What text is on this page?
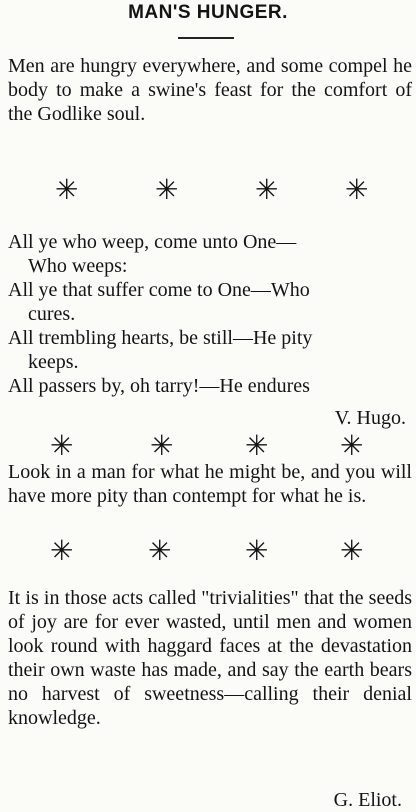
MAN'S HUNGER.
Men are hungry everywhere, and some compel he body to make a swine's feast for the comfort of the Godlike soul.
✳	✳	✳ ✳
All ye who weep, come unto One—
Who weeps:
All ye that suffer come to One—Who
cures.
All trembling hearts, be still—He pity
keeps.
All passers by, oh tarry!—He endures
V. Hugo.
✳	✳	✳	✳
Look in a man for what he might be, and you will have more pity than contempt for what he is.
✳	✳	✳	✳
It is in those acts called "trivialities" that the seeds of joy are for ever wasted, until men and women look round with haggard faces at the devastation their own waste has made, and say the earth bears no harvest of sweetness—calling their denial knowledge.
G. Eliot.
